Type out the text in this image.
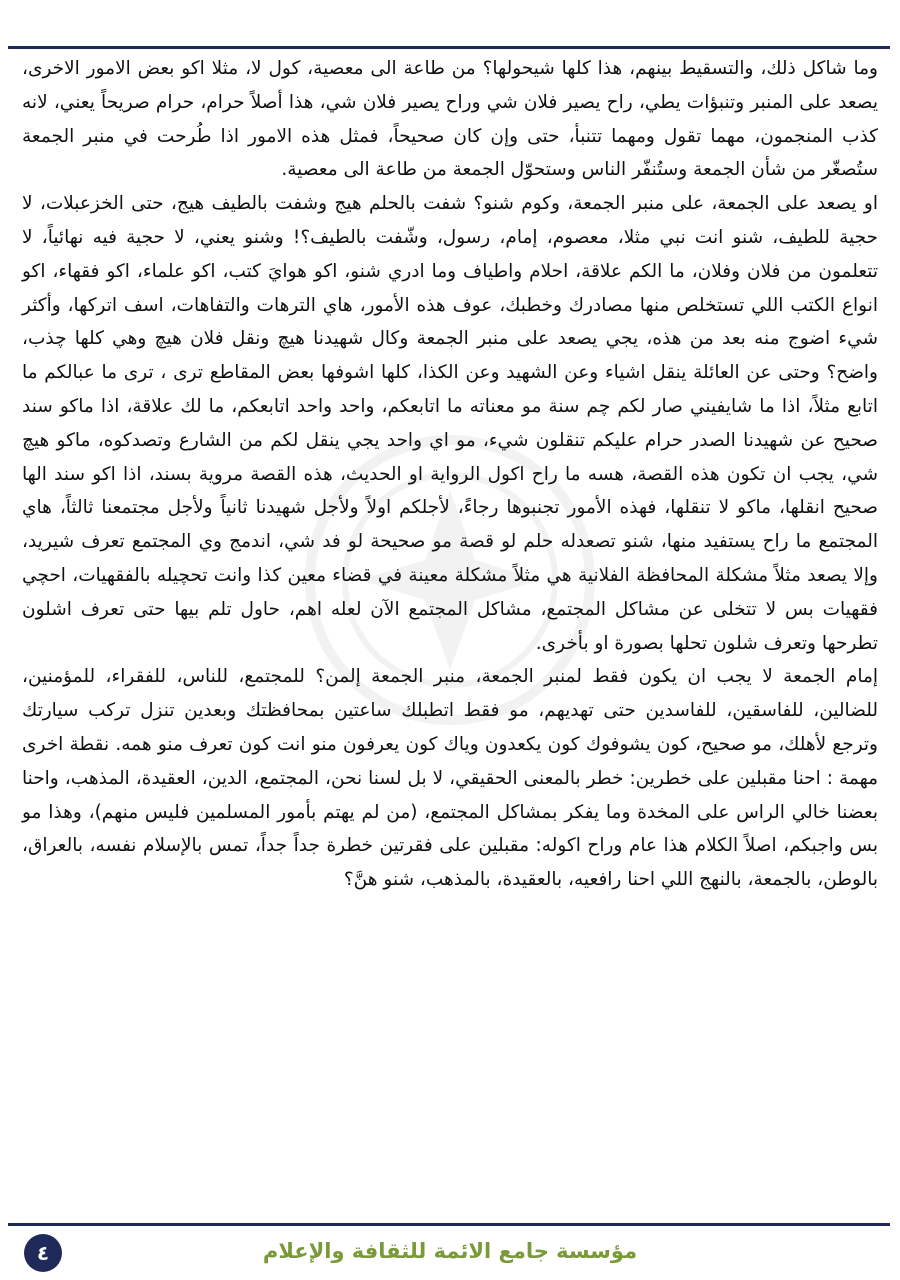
وما شاكل ذلك، والتسقيط بينهم، هذا كلها شيحولها؟ من طاعة الى معصية، كول لا، مثلا اكو بعض الامور الاخرى، يصعد على المنبر وتنبؤات يطي، راح يصير فلان شي وراح يصير فلان شي، هذا أصلاً حرام، حرام صريحاً يعني، لانه كذب المنجمون، مهما تقول ومهما تتنبأ، حتى وإن كان صحيحاً، فمثل هذه الامور اذا طُرحت في منبر الجمعة ستُصغّر من شأن الجمعة وستُنفّر الناس وستحوّل الجمعة من طاعة الى معصية.

او يصعد على الجمعة، على منبر الجمعة، وكوم شنو؟ شفت بالحلم هيج وشفت بالطيف هيج، حتى الخزعبلات، لا حجية للطيف، شنو انت نبي مثلا، معصوم، إمام، رسول، وشّفت بالطيف؟! وشنو يعني، لا حجية فيه نهائياً، لا تتعلمون من فلان وفلان، ما الكم علاقة، احلام واطياف وما ادري شنو، اكو هوايَ كتب، اكو علماء، اكو فقهاء، اكو انواع الكتب اللي تستخلص منها مصادرك وخطبك، عوف هذه الأمور، هاي الترهات والتفاهات، اسف اتركها، وأكثر شيء اضوج منه بعد من هذه، يجي يصعد على منبر الجمعة وكال شهيدنا هيچ ونقل فلان هيچ وهي كلها چذب، واضح؟ وحتى عن العائلة ينقل اشياء وعن الشهيد وعن الكذا، كلها اشوفها بعض المقاطع ترى ، ترى ما عبالكم ما اتابع مثلاً، اذا ما شايفيني صار لكم چم سنة مو معناته ما اتابعكم، واحد واحد اتابعكم، ما لك علاقة، اذا ماكو سند صحيح عن شهيدنا الصدر حرام عليكم تنقلون شيء، مو اي واحد يجي ينقل لكم من الشارع وتصدكوه، ماكو هيچ شي، يجب ان تكون هذه القصة، هسه ما راح اكول الرواية او الحديث، هذه القصة مروية بسند، اذا اكو سند الها صحيح انقلها، ماكو لا تنقلها، فهذه الأمور تجنبوها رجاءً، لأجلكم اولاً ولأجل شهيدنا ثانياً ولأجل مجتمعنا ثالثاً، هاي المجتمع ما راح يستفيد منها، شنو تصعدله حلم لو قصة مو صحيحة لو فد شي، اندمج وي المجتمع تعرف شيريد، وإلا يصعد مثلاً مشكلة المحافظة الفلانية هي مثلاً مشكلة معينة في قضاء معين كذا وانت تحچيله بالفقهيات، احچي فقهيات بس لا تتخلى عن مشاكل المجتمع، مشاكل المجتمع الآن لعله اهم، حاول تلم بيها حتى تعرف اشلون تطرحها وتعرف شلون تحلها بصورة او بأخرى.

إمام الجمعة لا يجب ان يكون فقط لمنبر الجمعة، منبر الجمعة إلمن؟ للمجتمع، للناس، للفقراء، للمؤمنين، للضالين، للفاسقين، للفاسدين حتى تهديهم، مو فقط اتطبلك ساعتين بمحافظتك وبعدين تنزل تركب سيارتك وترجع لأهلك، مو صحيح، كون يشوفوك كون يكعدون وياك كون يعرفون منو انت كون تعرف منو همه. نقطة اخرى مهمة : احنا مقبلين على خطرين: خطر بالمعنى الحقيقي، لا بل لسنا نحن، المجتمع، الدين، العقيدة، المذهب، واحنا بعضنا خالي الراس على المخدة وما يفكر بمشاكل المجتمع، (من لم يهتم بأمور المسلمين فليس منهم)، وهذا مو بس واجبكم، اصلاً الكلام هذا عام وراح اكوله: مقبلين على فقرتين خطرة جداً جداً، تمس بالإسلام نفسه، بالعراق، بالوطن، بالجمعة، بالنهج اللي احنا رافعيه، بالعقيدة، بالمذهب، شنو هنَّ؟

مؤسسة جامع الائمة للثقافة والإعلام
٤
